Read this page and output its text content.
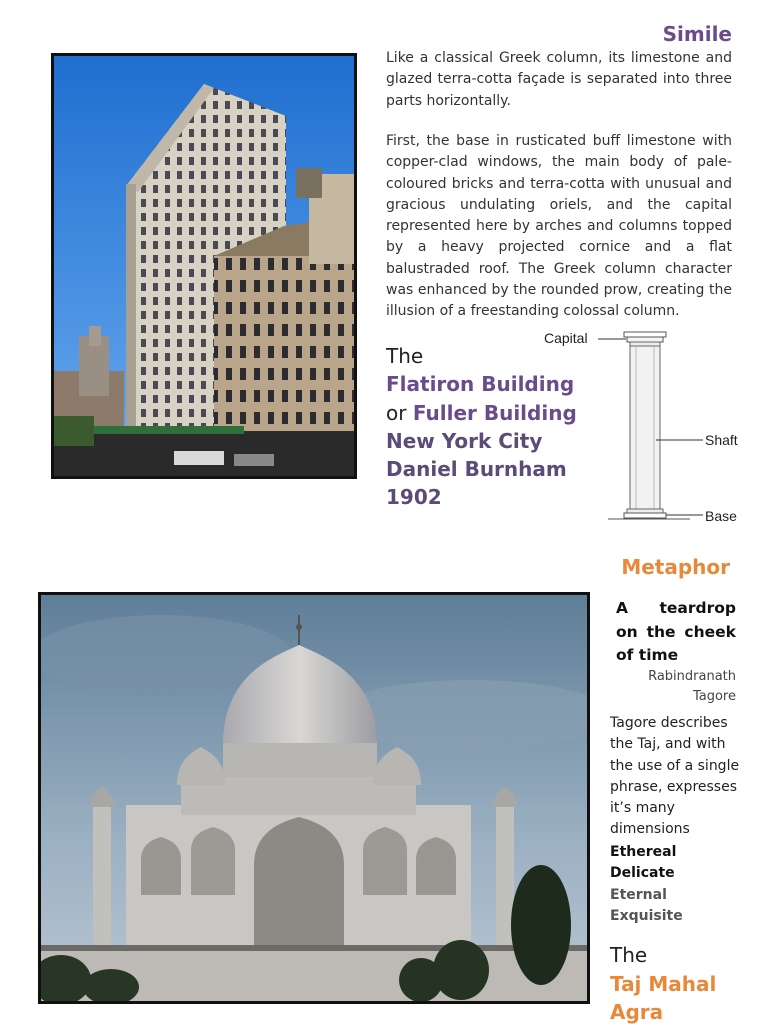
Simile
Like a classical Greek column, its limestone and glazed terra-cotta façade is separated into three parts horizontally.
First, the base in rusticated buff limestone with copper-clad windows, the main body of pale-coloured bricks and terra-cotta with unusual and gracious undulating oriels, and the capital represented here by arches and columns topped by a heavy projected cornice and a flat balustraded roof. The Greek column character was enhanced by the rounded prow, creating the illusion of a freestanding colossal column.
The
Flatiron Building
or Fuller Building
New York City
Daniel Burnham
1902
Capital
Shaft
Base
Metaphor
A teardrop on the cheek of time
Rabindranath Tagore
Tagore describes the Taj, and with the use of a single phrase, expresses it’s many dimensions
Ethereal
Delicate
Eternal
Exquisite
The
Taj Mahal
Agra
